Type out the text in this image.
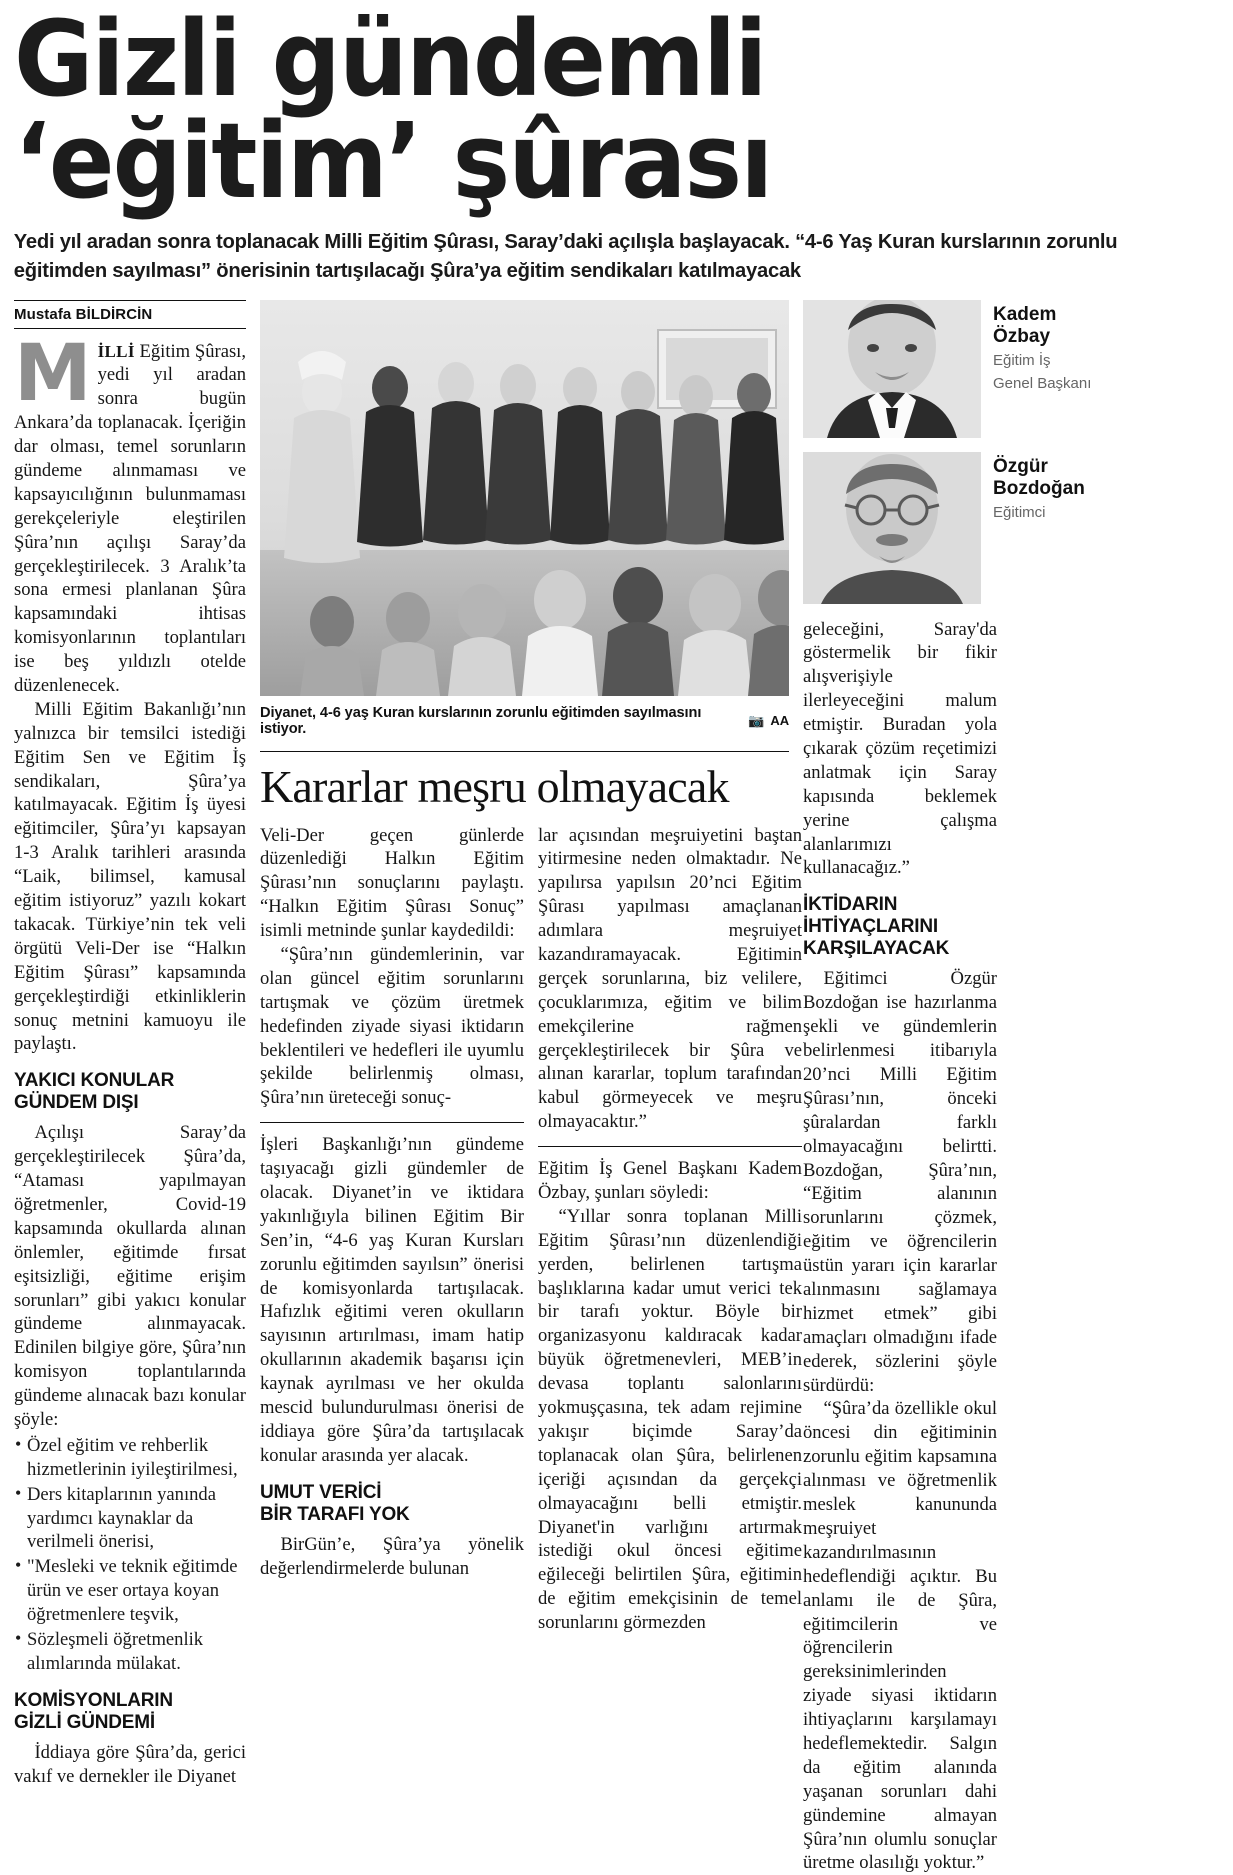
Gizli gündemli
‘eğitim’ şûrası
Yedi yıl aradan sonra toplanacak Milli Eğitim Şûrası, Saray’daki açılışla başlayacak. “4-6 Yaş Kuran kurslarının zorunlu eğitimden sayılması” önerisinin tartışılacağı Şûra’ya eğitim sendikaları katılmayacak
Mustafa BİLDİRCİN

MİLLİ Eğitim Şûrası, yedi yıl aradan sonra bugün Ankara’da toplanacak. İçeriğin dar olması, temel sorunların gündeme alınmaması ve kapsayıcılığının bulunmaması gerekçeleriyle eleştirilen Şûra’nın açılışı Saray’da gerçekleştirilecek. 3 Aralık’ta sona ermesi planlanan Şûra kapsamındaki ihtisas komisyonlarının toplantıları ise beş yıldızlı otelde düzenlenecek.

Milli Eğitim Bakanlığı’nın yalnızca bir temsilci istediği Eğitim Sen ve Eğitim İş sendikaları, Şûra’ya katılmayacak. Eğitim İş üyesi eğitimciler, Şûra’yı kapsayan 1-3 Aralık tarihleri arasında “Laik, bilimsel, kamusal eğitim istiyoruz” yazılı kokart takacak. Türkiye’nin tek veli örgütü Veli-Der ise “Halkın Eğitim Şûrası” kapsamında gerçekleştirdiği etkinliklerin sonuç metnini kamuoyu ile paylaştı.

YAKICI KONULAR
GÜNDEM DIŞI

Açılışı Saray’da gerçekleştirilecek Şûra’da, “Ataması yapılmayan öğretmenler, Covid-19 kapsamında okullarda alınan önlemler, eğitimde fırsat eşitsizliği, eğitime erişim sorunları” gibi yakıcı konular gündeme alınmayacak. Edinilen bilgiye göre, Şûra’nın komisyon toplantılarında gündeme alınacak bazı konular şöyle:

• Özel eğitim ve rehberlik hizmetlerinin iyileştirilmesi,
• Ders kitaplarının yanında yardımcı kaynaklar da verilmeli önerisi,
• "Mesleki ve teknik eğitimde ürün ve eser ortaya koyan öğretmenlere teşvik,
• Sözleşmeli öğretmenlik alımlarında mülakat.
KOMİSYONLARIN
GİZLİ GÜNDEMİ

İddiaya göre Şûra’da, gerici vakıf ve dernekler ile Diyanet

Diyanet, 4-6 yaş Kuran kurslarının zorunlu eğitimden sayılmasını istiyor.
📷 AA
Kararlar meşru olmayacak

Veli-Der geçen günlerde düzenlediği Halkın Eğitim Şûrası’nın sonuçlarını paylaştı. “Halkın Eğitim Şûrası Sonuç” isimli metninde şunlar kaydedildi:

“Şûra’nın gündemlerinin, var olan güncel eğitim sorunlarını tartışmak ve çözüm üretmek hedefinden ziyade siyasi iktidarın beklentileri ve hedefleri ile uyumlu şekilde belirlenmiş olması, Şûra’nın üreteceği sonuç-

İşleri Başkanlığı’nın gündeme taşıyacağı gizli gündemler de olacak. Diyanet’in ve iktidara yakınlığıyla bilinen Eğitim Bir Sen’in, “4-6 yaş Kuran Kursları zorunlu eğitimden sayılsın” önerisi de komisyonlarda tartışılacak. Hafızlık eğitimi veren okulların sayısının artırılması, imam hatip okullarının akademik başarısı için kaynak ayrılması ve her okulda mescid bulundurulması önerisi de iddiaya göre Şûra’da tartışılacak konular arasında yer alacak.

UMUT VERİCİ
BİR TARAFI YOK

BirGün’e, Şûra’ya yönelik değerlendirmelerde bulunan

lar açısından meşruiyetini baştan yitirmesine neden olmaktadır. Ne yapılırsa yapılsın 20’nci Eğitim Şûrası yapılması amaçlanan adımlara meşruiyet kazandıramayacak. Eğitimin gerçek sorunlarına, biz velilere, çocuklarımıza, eğitim ve bilim emekçilerine rağmen gerçekleştirilecek bir Şûra ve alınan kararlar, toplum tarafından kabul görmeyecek ve meşru olmayacaktır.”

Eğitim İş Genel Başkanı Kadem Özbay, şunları söyledi:

“Yıllar sonra toplanan Milli Eğitim Şûrası’nın düzenlendiği yerden, belirlenen tartışma başlıklarına kadar umut verici tek bir tarafı yoktur. Böyle bir organizasyonu kaldıracak kadar büyük öğretmenevleri, MEB’in devasa toplantı salonlarını yokmuşçasına, tek adam rejimine yakışır biçimde Saray’da toplanacak olan Şûra, belirlenen içeriği açısından da gerçekçi olmayacağını belli etmiştir. Diyanet'in varlığını artırmak istediği okul öncesi eğitime eğileceği belirtilen Şûra, eğitimin de eğitim emekçisinin de temel sorunlarını görmezden

Kadem
Özbay
Eğitim İş
Genel Başkanı
Özgür
Bozdoğan
Eğitimci

geleceğini, Saray'da göstermelik bir fikir alışverişiyle ilerleyeceğini malum etmiştir. Buradan yola çıkarak çözüm reçetimizi anlatmak için Saray kapısında beklemek yerine çalışma alanlarımızı kullanacağız.”

İKTİDARIN İHTİYAÇLARINI
KARŞILAYACAK

Eğitimci Özgür Bozdoğan ise hazırlanma şekli ve gündemlerin belirlenmesi itibarıyla 20’nci Milli Eğitim Şûrası’nın, önceki şûralardan farklı olmayacağını belirtti. Bozdoğan, Şûra’nın, “Eğitim alanının sorunlarını çözmek, eğitim ve öğrencilerin üstün yararı için kararlar alınmasını sağlamaya hizmet etmek” gibi amaçları olmadığını ifade ederek, sözlerini şöyle sürdürdü:

“Şûra’da özellikle okul öncesi din eğitiminin zorunlu eğitim kapsamına alınması ve öğretmenlik meslek kanununda meşruiyet kazandırılmasının hedeflendiği açıktır. Bu anlamı ile de Şûra, eğitimcilerin ve öğrencilerin gereksinimlerinden ziyade siyasi iktidarın ihtiyaçlarını karşılamayı hedeflemektedir. Salgın da eğitim alanında yaşanan sorunları dahi gündemine almayan Şûra’nın olumlu sonuçlar üretme olasılığı yoktur.”
